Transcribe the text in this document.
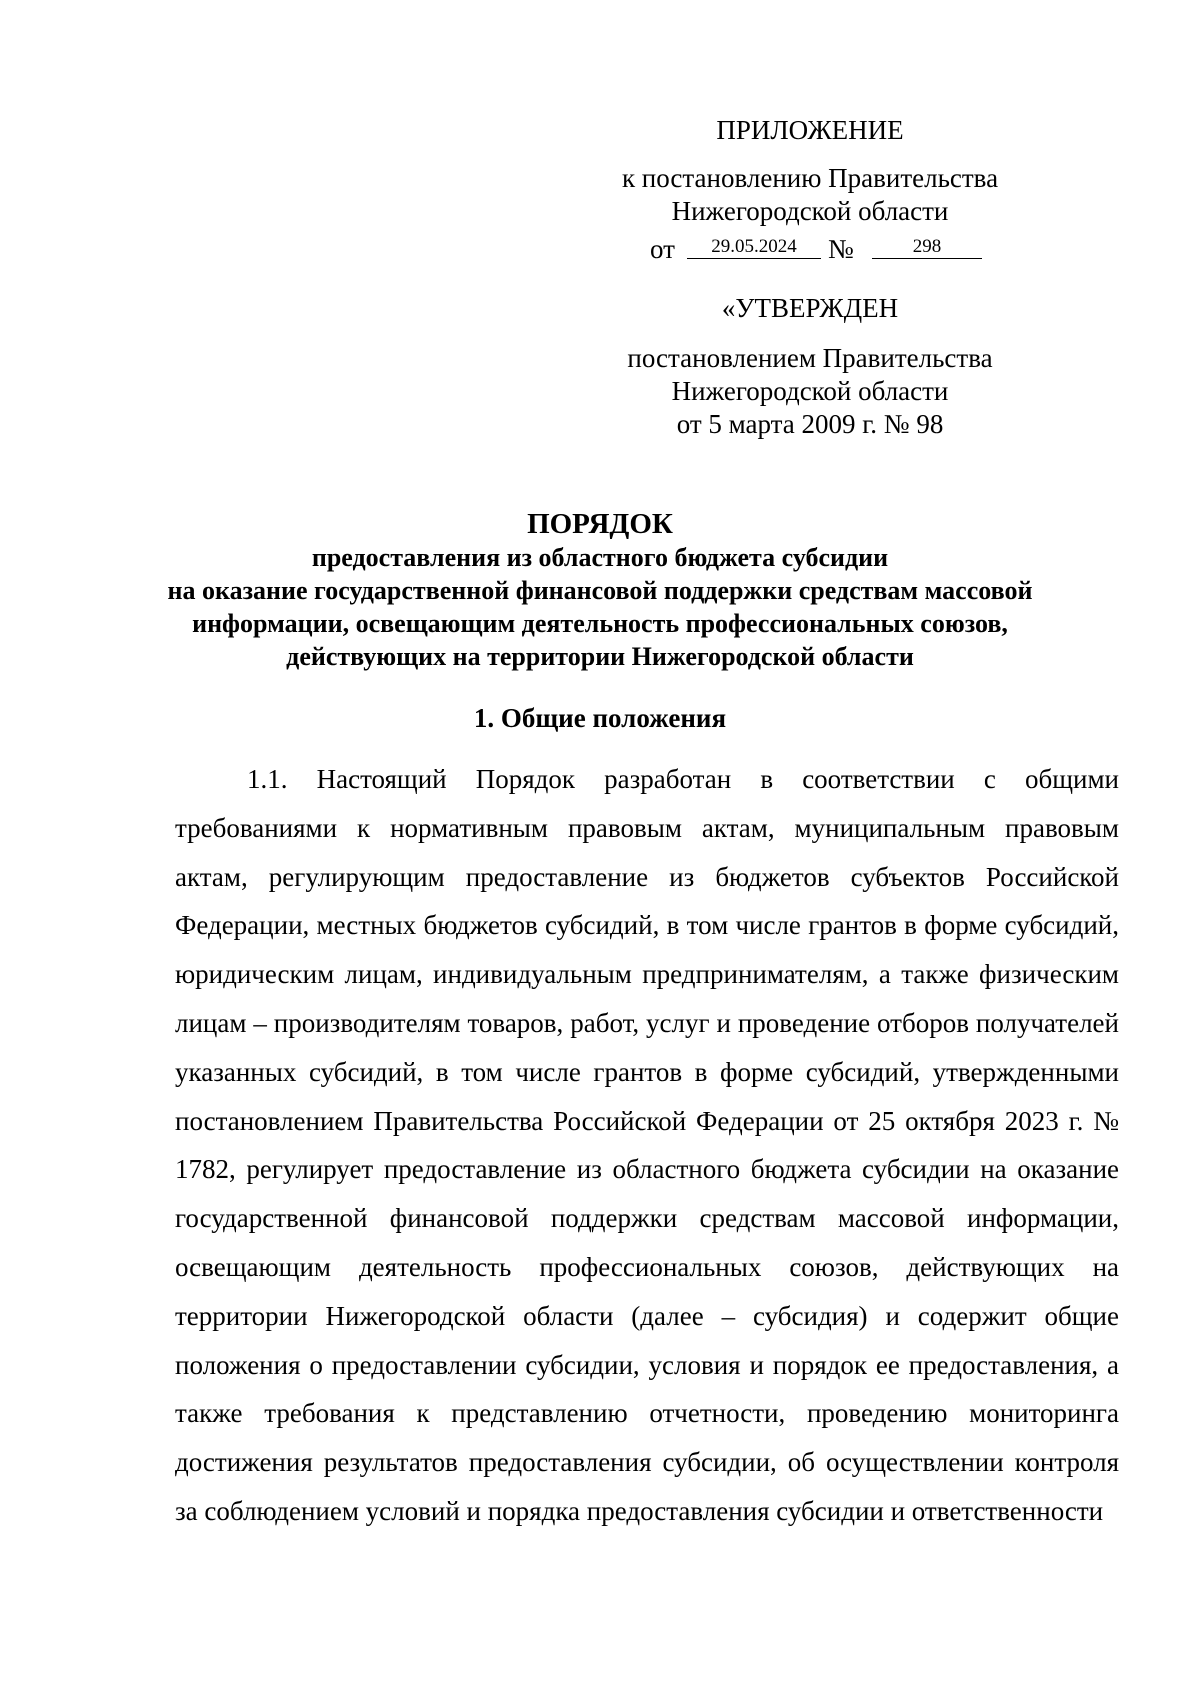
ПРИЛОЖЕНИЕ
к постановлению Правительства
Нижегородской области
от	29.05.2024	№	298
«УТВЕРЖДЕН
постановлением Правительства
Нижегородской области
от 5 марта 2009 г. № 98
ПОРЯДОК
предоставления из областного бюджета субсидии
на оказание государственной финансовой поддержки средствам массовой
информации, освещающим деятельность профессиональных союзов,
действующих на территории Нижегородской области
1. Общие положения

1.1. Настоящий Порядок разработан в соответствии с общими требованиями к нормативным правовым актам, муниципальным правовым актам, регулирующим предоставление из бюджетов субъектов Российской Федерации, местных бюджетов субсидий, в том числе грантов в форме субсидий, юридическим лицам, индивидуальным предпринимателям, а также физическим лицам – производителям товаров, работ, услуг и проведение отборов получателей указанных субсидий, в том числе грантов в форме субсидий, утвержденными постановлением Правительства Российской Федерации от 25 октября 2023 г. № 1782, регулирует предоставление из областного бюджета субсидии на оказание государственной финансовой поддержки средствам массовой информации, освещающим деятельность профессиональных союзов, действующих на территории Нижегородской области (далее – субсидия) и содержит общие положения о предоставлении субсидии, условия и порядок ее предоставления, а также требования к представлению отчетности, проведению мониторинга достижения результатов предоставления субсидии, об осуществлении контроля за соблюдением условий и порядка предоставления субсидии и ответственности
